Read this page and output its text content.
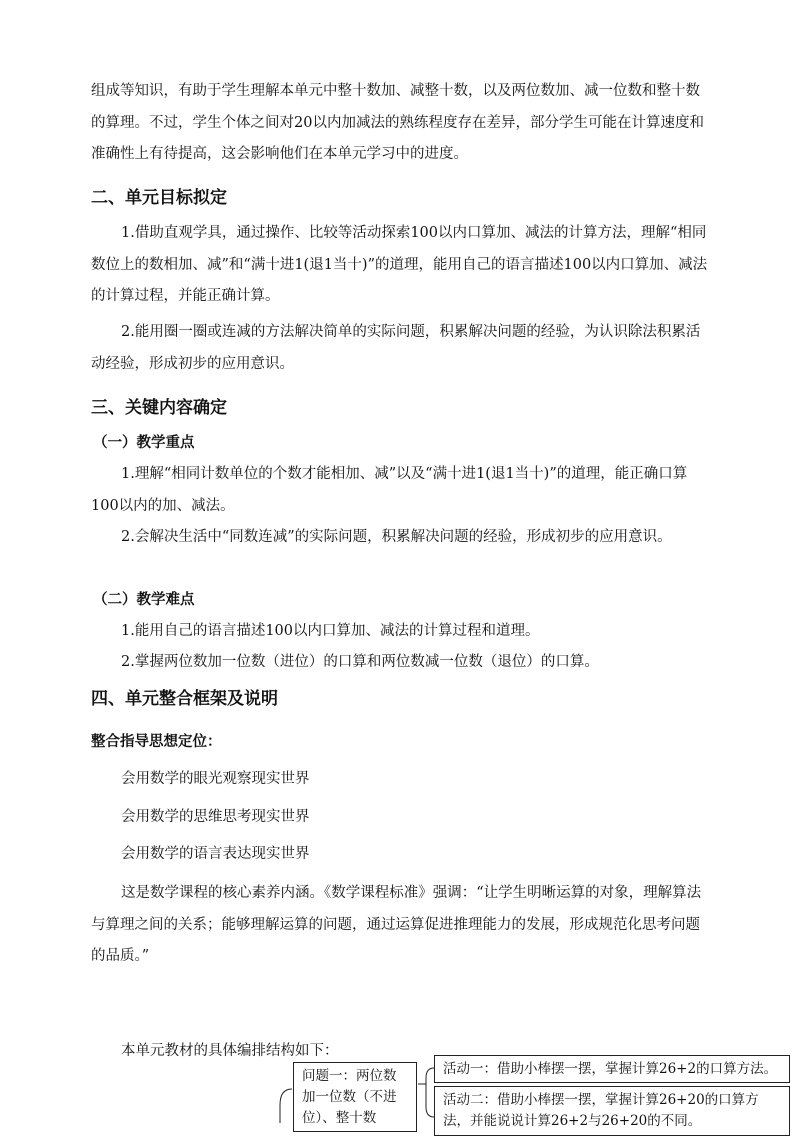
组成等知识，有助于学生理解本单元中整十数加、减整十数，以及两位数加、减一位数和整十数的算理。不过，学生个体之间对20以内加减法的熟练程度存在差异，部分学生可能在计算速度和准确性上有待提高，这会影响他们在本单元学习中的进度。

二、单元目标拟定

1.借助直观学具，通过操作、比较等活动探索100以内口算加、减法的计算方法，理解“相同数位上的数相加、减”和“满十进1(退1当十)”的道理，能用自己的语言描述100以内口算加、减法的计算过程，并能正确计算。

2.能用圈一圈或连减的方法解决简单的实际问题，积累解决问题的经验，为认识除法积累活动经验，形成初步的应用意识。

三、关键内容确定
（一）教学重点

1.理解“相同计数单位的个数才能相加、减”以及“满十进1(退1当十)”的道理，能正确口算100以内的加、减法。

2.会解决生活中“同数连减”的实际问题，积累解决问题的经验，形成初步的应用意识。

（二）教学难点
1.能用自己的语言描述100以内口算加、减法的计算过程和道理。
2.掌握两位数加一位数（进位）的口算和两位数减一位数（退位）的口算。
四、单元整合框架及说明
整合指导思想定位：
会用数学的眼光观察现实世界
会用数学的思维思考现实世界
会用数学的语言表达现实世界

这是数学课程的核心素养内涵。《数学课程标准》强调：“让学生明晰运算的对象，理解算法与算理之间的关系；能够理解运算的问题，通过运算促进推理能力的发展，形成规范化思考问题的品质。”

本单元教材的具体编排结构如下：
问题一：两位数加一位数（不进位）、整十数
活动一：借助小棒摆一摆，掌握计算26+2的口算方法。
活动二：借助小棒摆一摆，掌握计算26+20的口算方法，并能说说计算26+2与26+20的不同。
